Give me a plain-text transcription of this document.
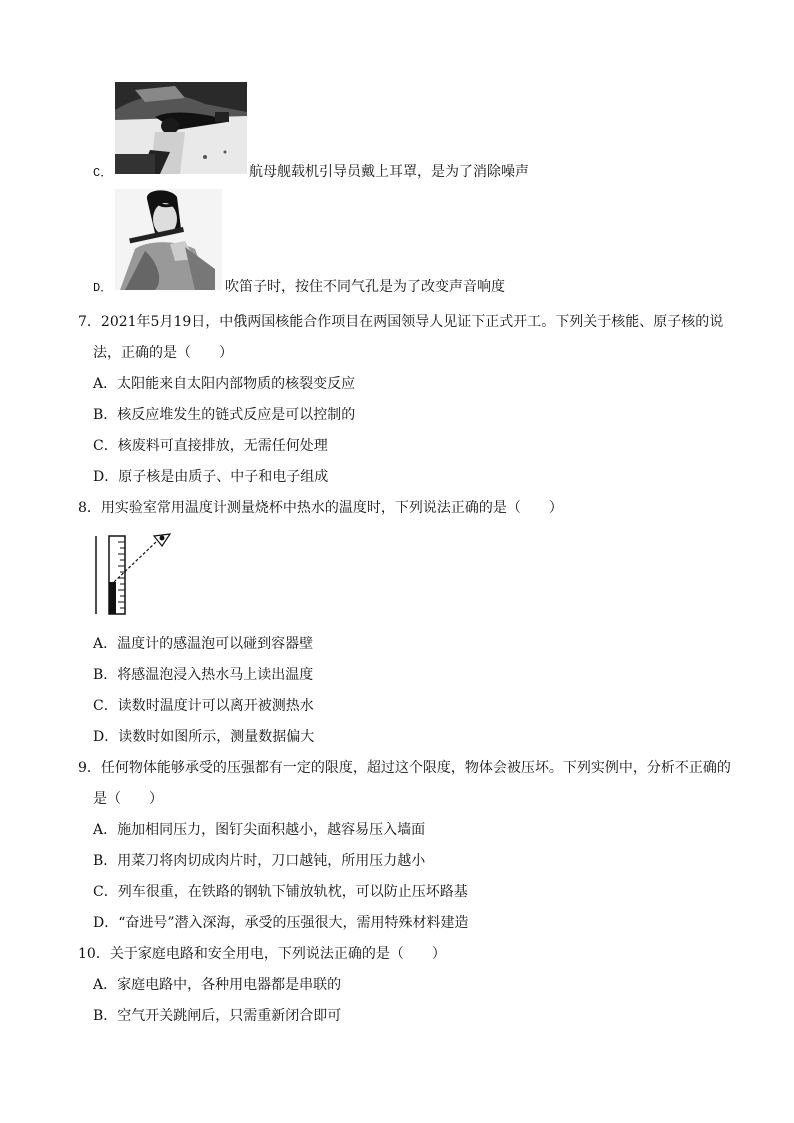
C．	航母舰载机引导员戴上耳罩，是为了消除噪声
D．	吹笛子时，按住不同气孔是为了改变声音响度
7．2021年5月19日，中俄两国核能合作项目在两国领导人见证下正式开工。下列关于核能、原子核的说
法，正确的是（　　）
A．太阳能来自太阳内部物质的核裂变反应
B．核反应堆发生的链式反应是可以控制的
C．核废料可直接排放，无需任何处理
D．原子核是由质子、中子和电子组成
8．用实验室常用温度计测量烧杯中热水的温度时，下列说法正确的是（　　）
A．温度计的感温泡可以碰到容器壁
B．将感温泡浸入热水马上读出温度
C．读数时温度计可以离开被测热水
D．读数时如图所示，测量数据偏大
9．任何物体能够承受的压强都有一定的限度，超过这个限度，物体会被压坏。下列实例中，分析不正确的
是（　　）
A．施加相同压力，图钉尖面积越小，越容易压入墙面
B．用菜刀将肉切成肉片时，刀口越钝，所用压力越小
C．列车很重，在铁路的钢轨下铺放轨枕，可以防止压坏路基
D．“奋进号”潜入深海，承受的压强很大，需用特殊材料建造
10．关于家庭电路和安全用电，下列说法正确的是（　　）
A．家庭电路中，各种用电器都是串联的
B．空气开关跳闸后，只需重新闭合即可
